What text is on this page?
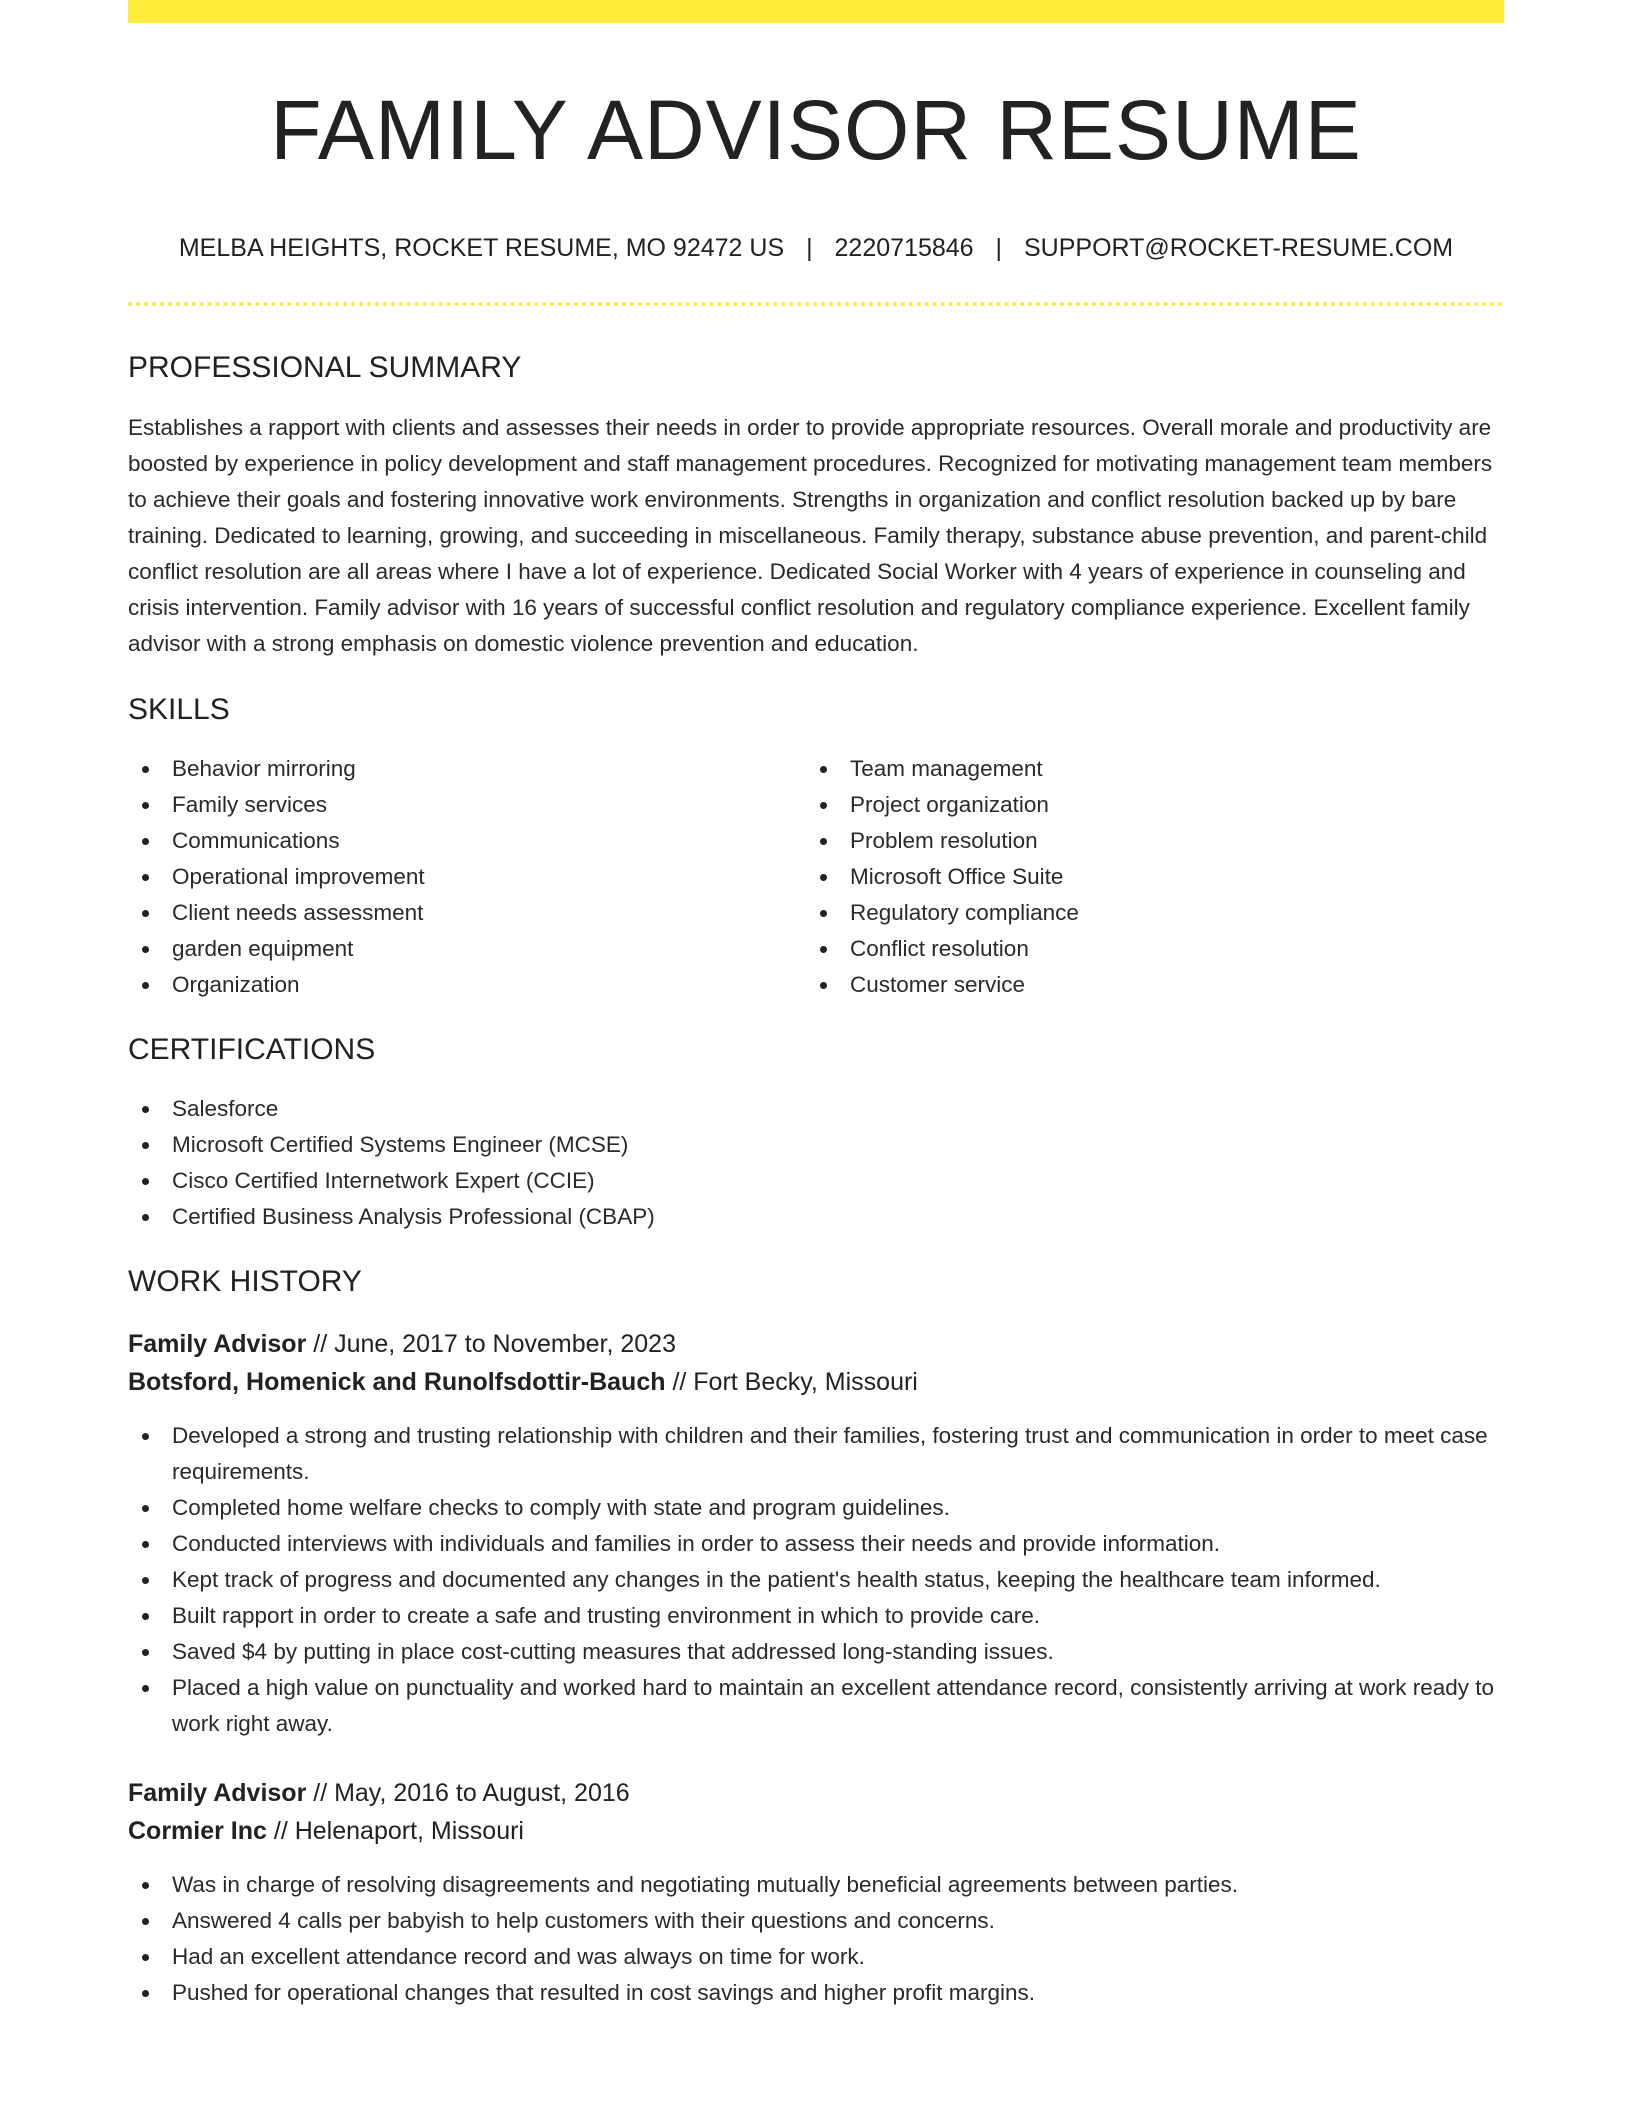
FAMILY ADVISOR RESUME
MELBA HEIGHTS, ROCKET RESUME, MO 92472 US | 2220715846 | SUPPORT@ROCKET-RESUME.COM
PROFESSIONAL SUMMARY

Establishes a rapport with clients and assesses their needs in order to provide appropriate resources. Overall morale and productivity are boosted by experience in policy development and staff management procedures. Recognized for motivating management team members to achieve their goals and fostering innovative work environments. Strengths in organization and conflict resolution backed up by bare training. Dedicated to learning, growing, and succeeding in miscellaneous. Family therapy, substance abuse prevention, and parent-child conflict resolution are all areas where I have a lot of experience. Dedicated Social Worker with 4 years of experience in counseling and crisis intervention. Family advisor with 16 years of successful conflict resolution and regulatory compliance experience. Excellent family advisor with a strong emphasis on domestic violence prevention and education.

SKILLS
Behavior mirroring
Family services
Communications
Operational improvement
Client needs assessment
garden equipment
Organization
Team management
Project organization
Problem resolution
Microsoft Office Suite
Regulatory compliance
Conflict resolution
Customer service
CERTIFICATIONS
Salesforce
Microsoft Certified Systems Engineer (MCSE)
Cisco Certified Internetwork Expert (CCIE)
Certified Business Analysis Professional (CBAP)
WORK HISTORY
Family Advisor // June, 2017 to November, 2023
Botsford, Homenick and Runolfsdottir-Bauch // Fort Becky, Missouri
Developed a strong and trusting relationship with children and their families, fostering trust and communication in order to meet case requirements.
Completed home welfare checks to comply with state and program guidelines.
Conducted interviews with individuals and families in order to assess their needs and provide information.
Kept track of progress and documented any changes in the patient's health status, keeping the healthcare team informed.
Built rapport in order to create a safe and trusting environment in which to provide care.
Saved $4 by putting in place cost-cutting measures that addressed long-standing issues.
Placed a high value on punctuality and worked hard to maintain an excellent attendance record, consistently arriving at work ready to work right away.
Family Advisor // May, 2016 to August, 2016
Cormier Inc // Helenaport, Missouri
Was in charge of resolving disagreements and negotiating mutually beneficial agreements between parties.
Answered 4 calls per babyish to help customers with their questions and concerns.
Had an excellent attendance record and was always on time for work.
Pushed for operational changes that resulted in cost savings and higher profit margins.
